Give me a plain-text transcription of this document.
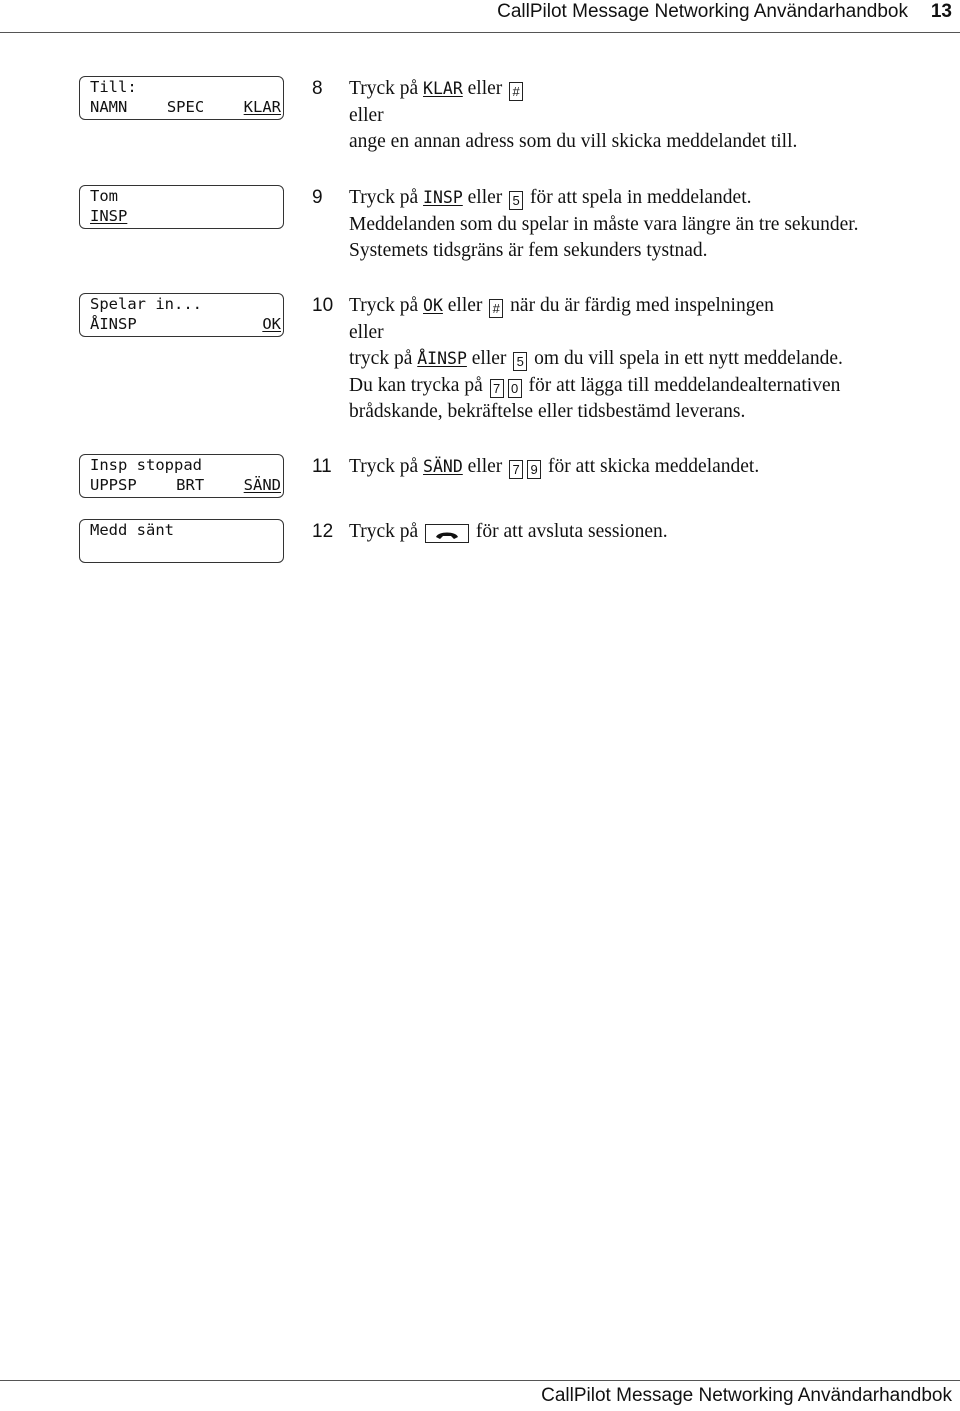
CallPilot Message Networking Användarhandbok 13
Till:
NAMN	SPEC	KLAR
Tom
INSP
Spelar in...
ÅINSP	OK
Insp stoppad
UPPSP	BRT	SÄND
Medd sänt
8	Tryck på KLAR eller #
eller
ange en annan adress som du vill skicka meddelandet till.
9	Tryck på INSP eller 5 för att spela in meddelandet.
Meddelanden som du spelar in måste vara längre än tre sekunder.
Systemets tidsgräns är fem sekunders tystnad.
10 Tryck på OK eller # när du är färdig med inspelningen
eller
tryck på ÅINSP eller 5 om du vill spela in ett nytt meddelande.
Du kan trycka på 7 0 för att lägga till meddelandealternativen
brådskande, bekräftelse eller tidsbestämd leverans.
11 Tryck på SÄND eller 7 9 för att skicka meddelandet.
12 Tryck på	för att avsluta sessionen.
CallPilot Message Networking Användarhandbok
